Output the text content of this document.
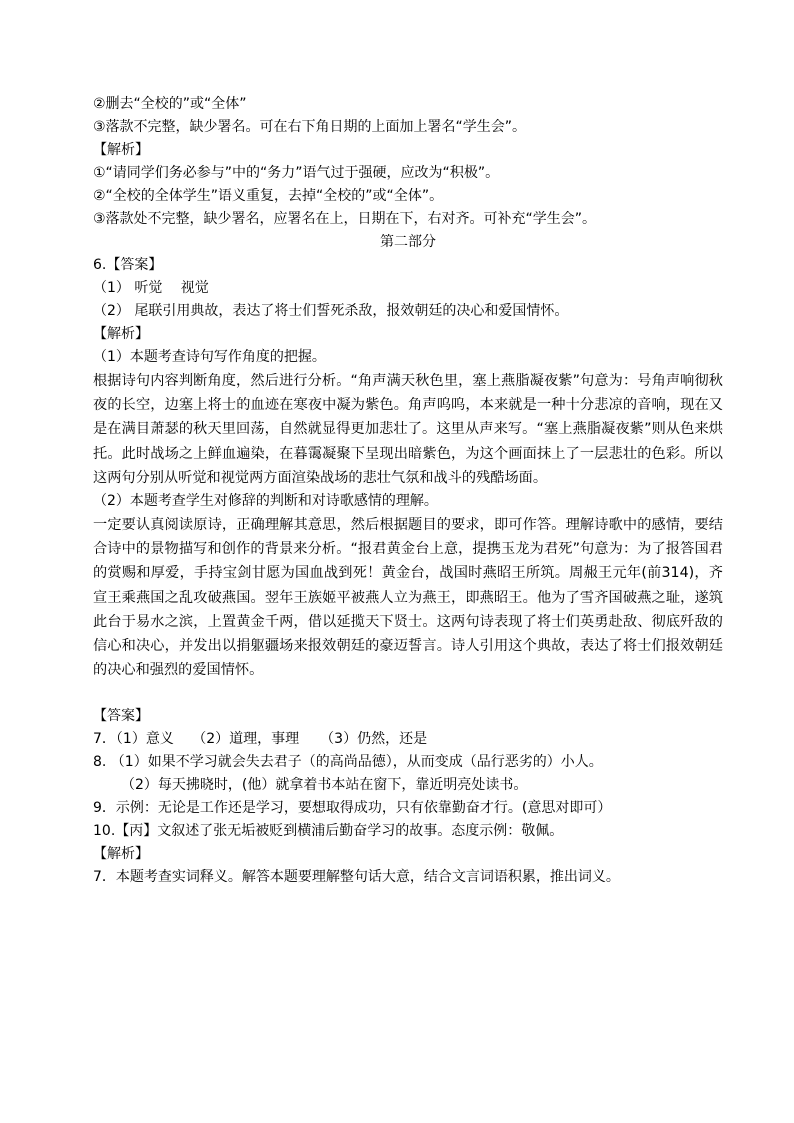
②删去“全校的”或“全体”

③落款不完整，缺少署名。可在右下角日期的上面加上署名“学生会”。

【解析】

①“请同学们务必参与”中的“务力”语气过于强硬，应改为“积极”。

②“全校的全体学生”语义重复，去掉“全校的”或“全体”。

③落款处不完整，缺少署名，应署名在上，日期在下，右对齐。可补充“学生会”。

第二部分

6.【答案】

（1） 听觉　 视觉

（2） 尾联引用典故，表达了将士们誓死杀敌，报效朝廷的决心和爱国情怀。

【解析】

（1）本题考查诗句写作角度的把握。

根据诗句内容判断角度，然后进行分析。“角声满天秋色里，塞上燕脂凝夜紫”句意为：号角声响彻秋夜的长空，边塞上将士的血迹在寒夜中凝为紫色。角声呜呜，本来就是一种十分悲凉的音响，现在又是在满目萧瑟的秋天里回荡，自然就显得更加悲壮了。这里从声来写。“塞上燕脂凝夜紫”则从色来烘托。此时战场之上鲜血遍染，在暮霭凝聚下呈现出暗紫色，为这个画面抹上了一层悲壮的色彩。所以这两句分别从听觉和视觉两方面渲染战场的悲壮气氛和战斗的残酷场面。

（2）本题考查学生对修辞的判断和对诗歌感情的理解。

一定要认真阅读原诗，正确理解其意思，然后根据题目的要求，即可作答。理解诗歌中的感情，要结合诗中的景物描写和创作的背景来分析。“报君黄金台上意，提携玉龙为君死”句意为：为了报答国君的赏赐和厚爱，手持宝剑甘愿为国血战到死！黄金台，战国时燕昭王所筑。周赧王元年(前314)，齐宣王乘燕国之乱攻破燕国。翌年王族姬平被燕人立为燕王，即燕昭王。他为了雪齐国破燕之耻，遂筑此台于易水之滨，上置黄金千两，借以延揽天下贤士。这两句诗表现了将士们英勇赴敌、彻底歼敌的信心和决心，并发出以捐躯疆场来报效朝廷的豪迈誓言。诗人引用这个典故，表达了将士们报效朝廷的决心和强烈的爱国情怀。

【答案】

7．（1）意义　 （2）道理，事理　　（3）仍然，还是

8. （1）如果不学习就会失去君子（的高尚品德），从而变成（品行恶劣的）小人。

（2）每天拂晓时，(他）就拿着书本站在窗下，靠近明亮处读书。

9．示例：无论是工作还是学习，要想取得成功，只有依靠勤奋才行。(意思对即可）

10.【丙】文叙述了张无垢被贬到横浦后勤奋学习的故事。态度示例：敬佩。

【解析】

7．本题考查实词释义。解答本题要理解整句话大意，结合文言词语积累，推出词义。
